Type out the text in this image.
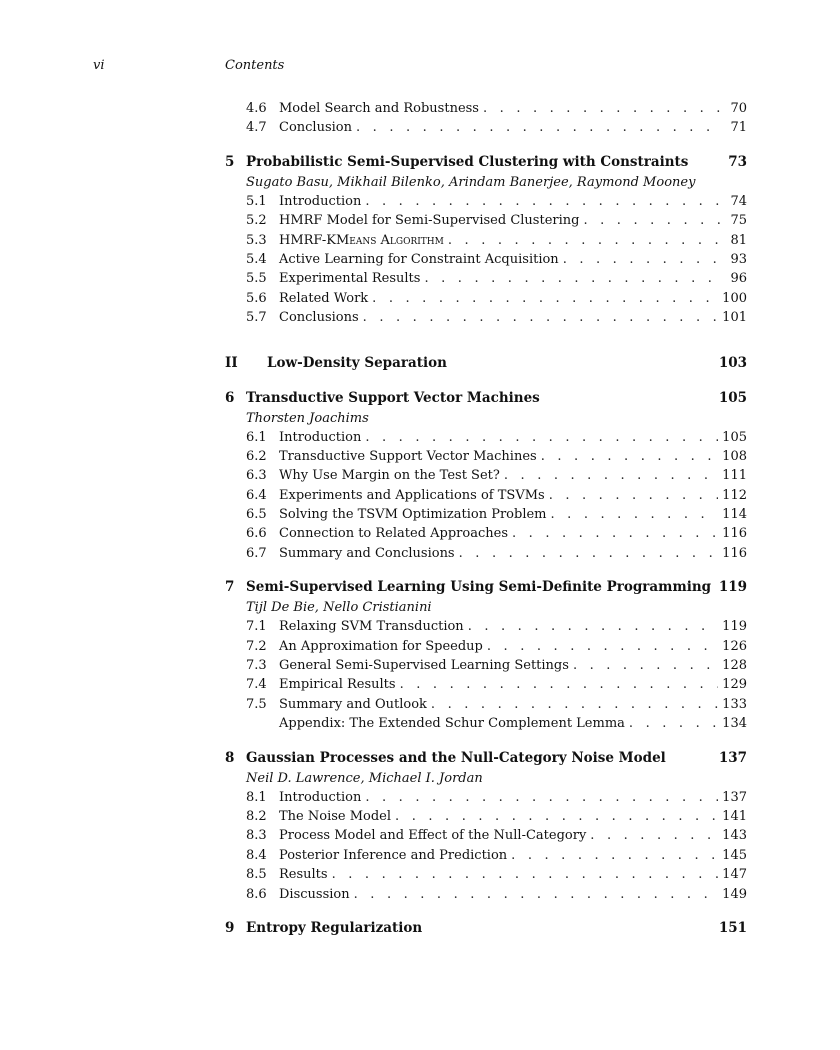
vi	Contents
4.6 Model Search and Robustness . . .	70
4.7 Conclusion . . .	71
5 Probabilistic Semi-Supervised Clustering with Constraints	73
Sugato Basu, Mikhail Bilenko, Arindam Banerjee, Raymond Mooney
5.1 Introduction . . .	74
5.2 HMRF Model for Semi-Supervised Clustering . . .	75
5.3 HMRF-KMeans Algorithm . . .	81
5.4 Active Learning for Constraint Acquisition . . .	93
5.5 Experimental Results . . .	96
5.6 Related Work . . .	100
5.7 Conclusions . . .	101
II Low-Density Separation	103
6 Transductive Support Vector Machines	105
Thorsten Joachims
6.1 Introduction . . .	105
6.2 Transductive Support Vector Machines . . .	108
6.3 Why Use Margin on the Test Set? . . .	111
6.4 Experiments and Applications of TSVMs . . .	112
6.5 Solving the TSVM Optimization Problem . . .	114
6.6 Connection to Related Approaches . . .	116
6.7 Summary and Conclusions . . .	116
7 Semi-Supervised Learning Using Semi-Definite Programming 119
Tijl De Bie, Nello Cristianini
7.1 Relaxing SVM Transduction . . .	119
7.2 An Approximation for Speedup . . .	126
7.3 General Semi-Supervised Learning Settings . . .	128
7.4 Empirical Results . . .	129
7.5 Summary and Outlook . . .	133
Appendix: The Extended Schur Complement Lemma . . .	134
8 Gaussian Processes and the Null-Category Noise Model	137
Neil D. Lawrence, Michael I. Jordan
8.1 Introduction . . .	137
8.2 The Noise Model . . .	141
8.3 Process Model and Effect of the Null-Category . . .	143
8.4 Posterior Inference and Prediction . . .	145
8.5 Results . . .	147
8.6 Discussion . . .	149
9 Entropy Regularization	151
